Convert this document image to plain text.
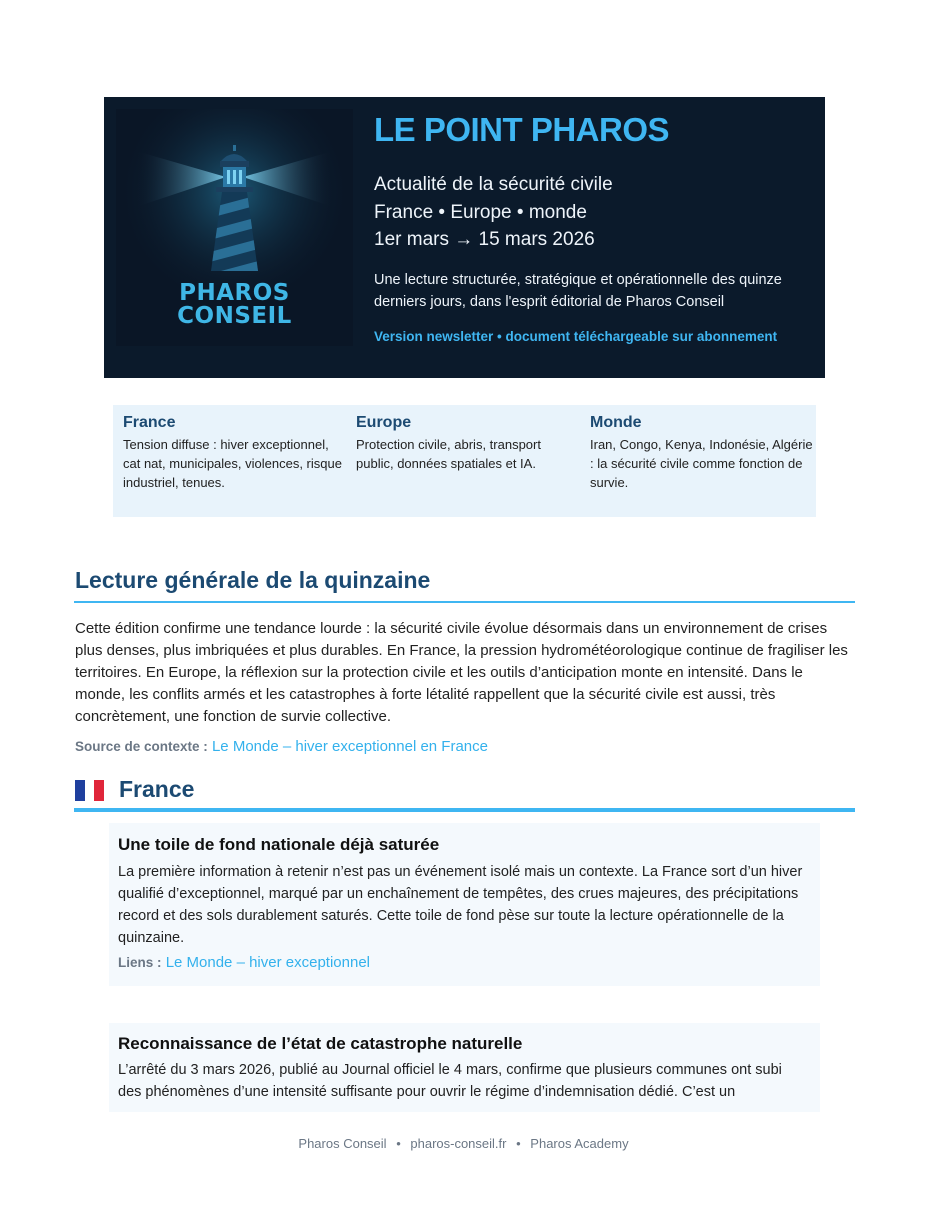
PHAROS
CONSEIL
LE POINT PHAROS
Actualité de la sécurité civile
France • Europe • monde
1er mars → 15 mars 2026
Une lecture structurée, stratégique et opérationnelle des quinze derniers jours, dans l'esprit éditorial de Pharos Conseil
Version newsletter • document téléchargeable sur abonnement
France

Tension diffuse : hiver exceptionnel, cat nat, municipales, violences, risque industriel, tenues.

Europe

Protection civile, abris, transport public, données spatiales et IA.

Monde

Iran, Congo, Kenya, Indonésie, Algérie : la sécurité civile comme fonction de survie.

Lecture générale de la quinzaine

Cette édition confirme une tendance lourde : la sécurité civile évolue désormais dans un environnement de crises plus denses, plus imbriquées et plus durables. En France, la pression hydrométéorologique continue de fragiliser les territoires. En Europe, la réflexion sur la protection civile et les outils d’anticipation monte en intensité. Dans le monde, les conflits armés et les catastrophes à forte létalité rappellent que la sécurité civile est aussi, très concrètement, une fonction de survie collective.

Source de contexte : Le Monde – hiver exceptionnel en France
France
Une toile de fond nationale déjà saturée

La première information à retenir n’est pas un événement isolé mais un contexte. La France sort d’un hiver qualifié d’exceptionnel, marqué par un enchaînement de tempêtes, des crues majeures, des précipitations record et des sols durablement saturés. Cette toile de fond pèse sur toute la lecture opérationnelle de la quinzaine.

Liens : Le Monde – hiver exceptionnel
Reconnaissance de l’état de catastrophe naturelle

L’arrêté du 3 mars 2026, publié au Journal officiel le 4 mars, confirme que plusieurs communes ont subi des phénomènes d’une intensité suffisante pour ouvrir le régime d’indemnisation dédié. C’est un

Pharos Conseil • pharos-conseil.fr • Pharos Academy
